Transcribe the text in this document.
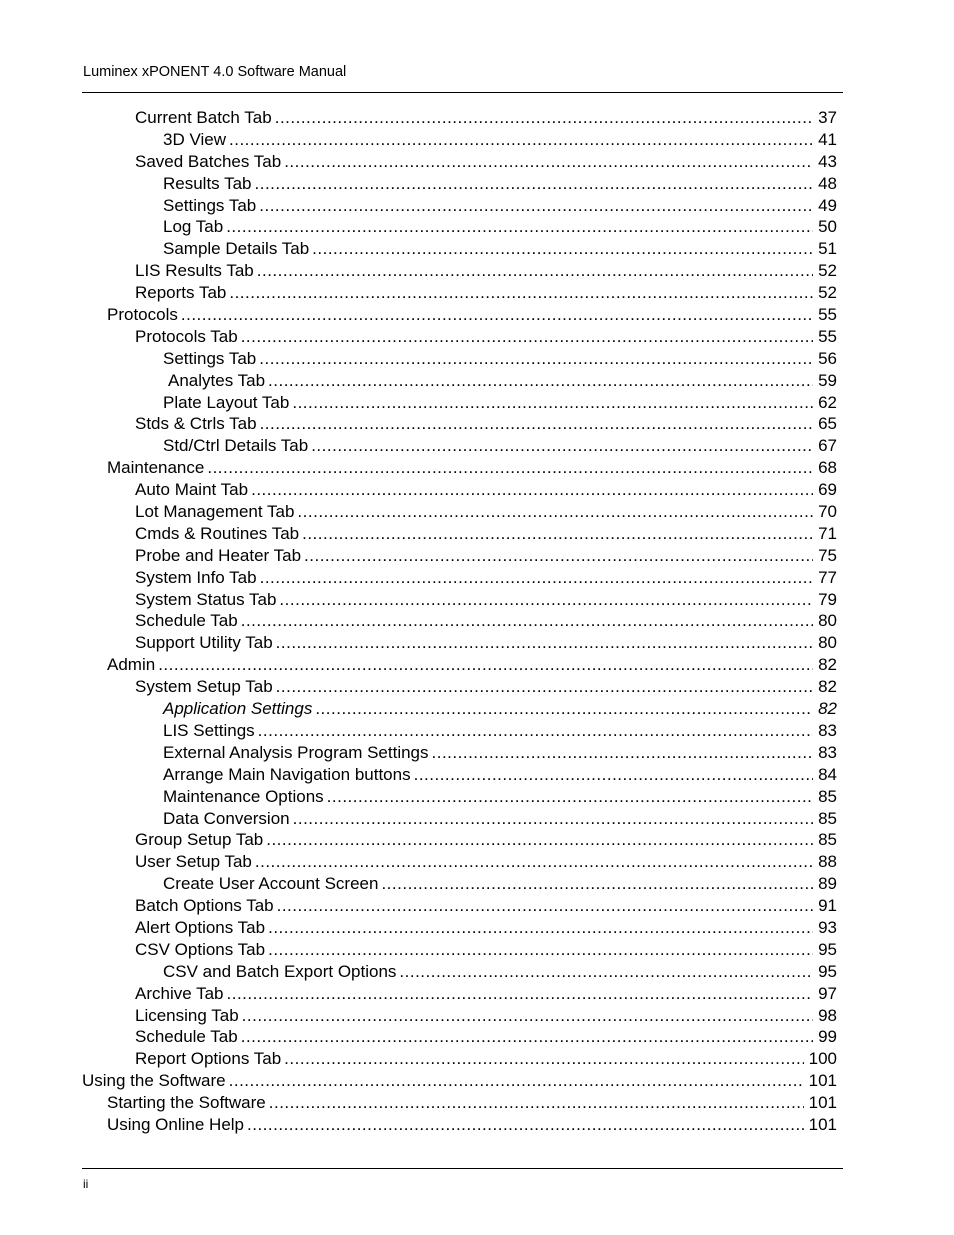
Luminex xPONENT 4.0 Software Manual
Current Batch Tab .....	37
3D View .....	41
Saved Batches Tab .....	43
Results Tab .....	48
Settings Tab .....	49
Log Tab .....	50
Sample Details Tab .....	51
LIS Results Tab .....	52
Reports Tab .....	52
Protocols .....	55
Protocols Tab .....	55
Settings Tab .....	56
Analytes Tab .....	59
Plate Layout Tab .....	62
Stds & Ctrls Tab .....	65
Std/Ctrl Details Tab .....	67
Maintenance .....	68
Auto Maint Tab .....	69
Lot Management Tab .....	70
Cmds & Routines Tab .....	71
Probe and Heater Tab .....	75
System Info Tab .....	77
System Status Tab .....	79
Schedule Tab .....	80
Support Utility Tab .....	80
Admin .....	82
System Setup Tab .....	82
Application Settings .....	82
LIS Settings .....	83
External Analysis Program Settings .....	83
Arrange Main Navigation buttons .....	84
Maintenance Options .....	85
Data Conversion .....	85
Group Setup Tab .....	85
User Setup Tab .....	88
Create User Account Screen .....	89
Batch Options Tab .....	91
Alert Options Tab .....	93
CSV Options Tab .....	95
CSV and Batch Export Options .....	95
Archive Tab .....	97
Licensing Tab .....	98
Schedule Tab .....	99
Report Options Tab .....	100
Using the Software .....	101
Starting the Software .....	101
Using Online Help .....	101
ii
